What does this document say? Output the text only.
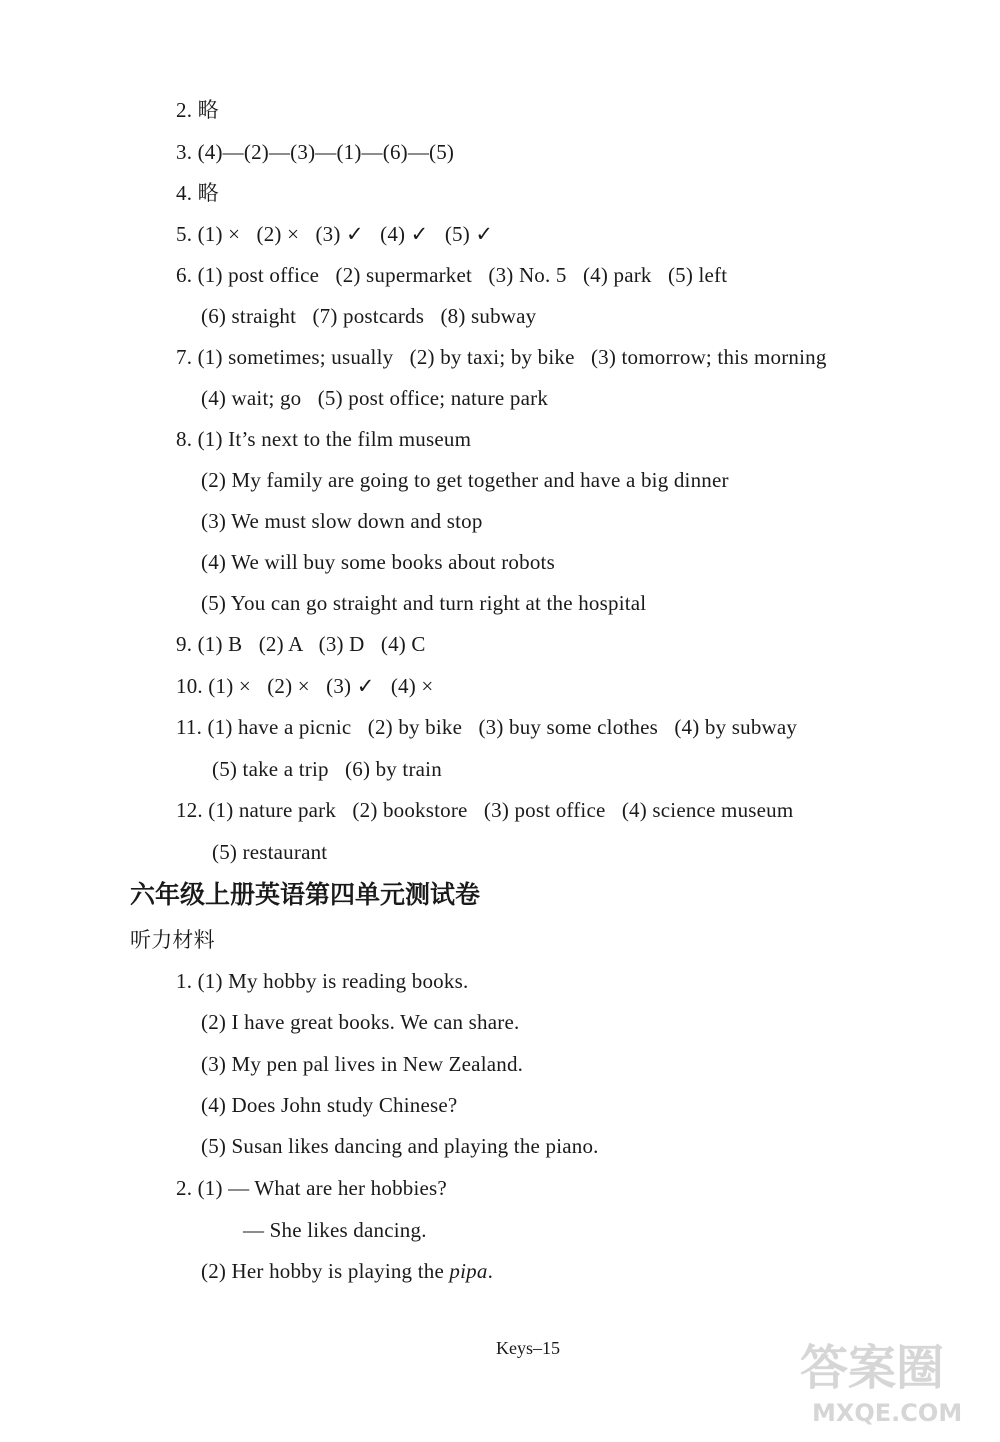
2. 略
3. (4)—(2)—(3)—(1)—(6)—(5)
4. 略
5. (1) ×   (2) ×   (3) ✓   (4) ✓   (5) ✓
6. (1) post office   (2) supermarket   (3) No. 5   (4) park   (5) left
(6) straight   (7) postcards   (8) subway
7. (1) sometimes; usually   (2) by taxi; by bike   (3) tomorrow; this morning
(4) wait; go   (5) post office; nature park
8. (1) It’s next to the film museum
(2) My family are going to get together and have a big dinner
(3) We must slow down and stop
(4) We will buy some books about robots
(5) You can go straight and turn right at the hospital
9. (1) B   (2) A   (3) D   (4) C
10. (1) ×   (2) ×   (3) ✓   (4) ×
11. (1) have a picnic   (2) by bike   (3) buy some clothes   (4) by subway
(5) take a trip   (6) by train
12. (1) nature park   (2) bookstore   (3) post office   (4) science museum
(5) restaurant
六年级上册英语第四单元测试卷
听力材料
1. (1) My hobby is reading books.
(2) I have great books. We can share.
(3) My pen pal lives in New Zealand.
(4) Does John study Chinese?
(5) Susan likes dancing and playing the piano.
2. (1) — What are her hobbies?
— She likes dancing.
(2) Her hobby is playing the pipa.
Keys–15	答案圈
MXQE.COM
